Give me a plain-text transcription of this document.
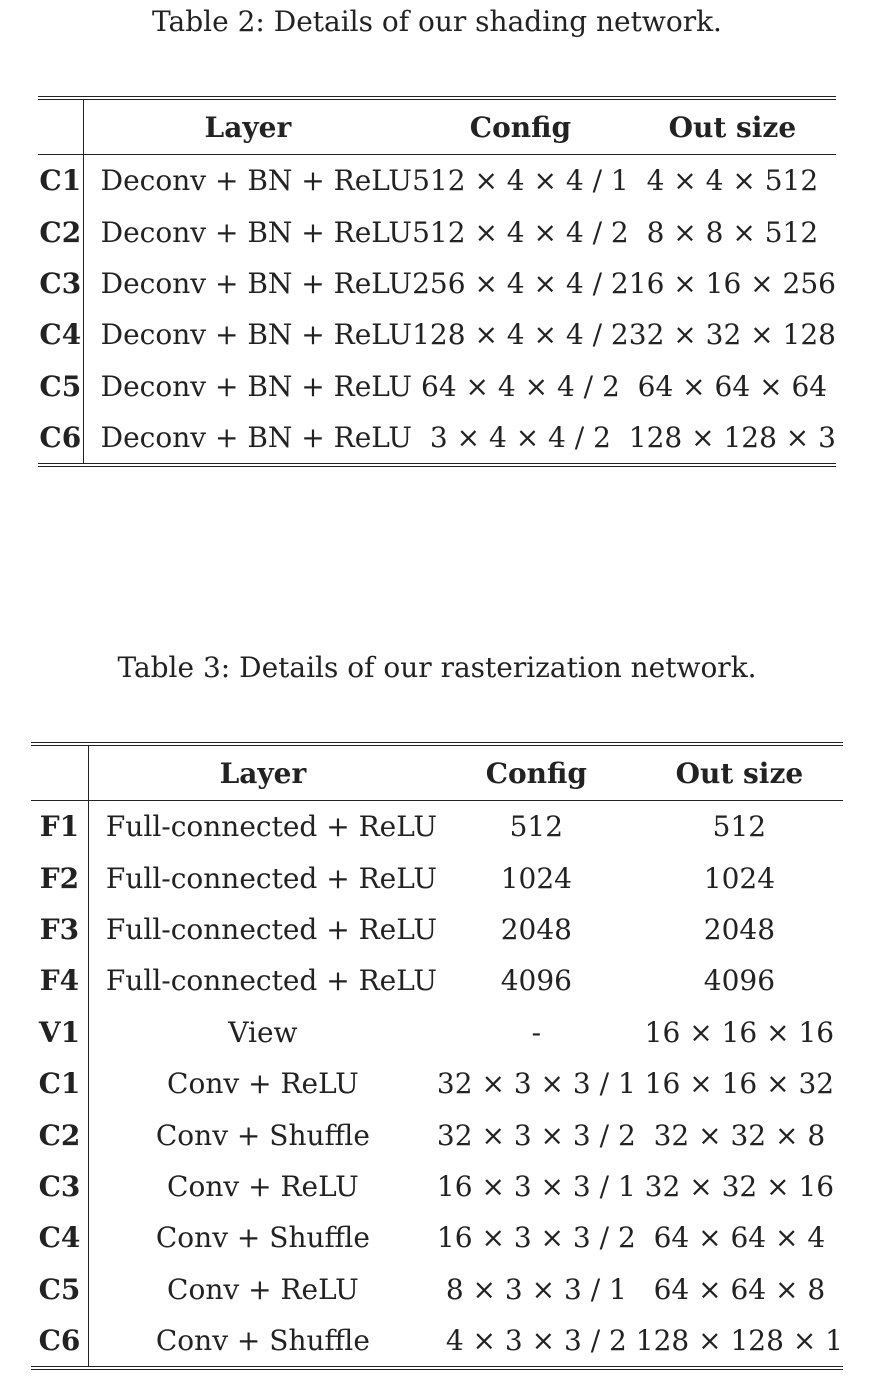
Table 2: Details of our shading network.
	Layer	Config	Out size
C1	Deconv + BN + ReLU	512 × 4 × 4 / 1	4 × 4 × 512
C2	Deconv + BN + ReLU	512 × 4 × 4 / 2	8 × 8 × 512
C3	Deconv + BN + ReLU	256 × 4 × 4 / 2	16 × 16 × 256
C4	Deconv + BN + ReLU	128 × 4 × 4 / 2	32 × 32 × 128
C5	Deconv + BN + ReLU	64 × 4 × 4 / 2	64 × 64 × 64
C6	Deconv + BN + ReLU	3 × 4 × 4 / 2	128 × 128 × 3
Table 3: Details of our rasterization network.
	Layer	Config	Out size
F1	Full-connected + ReLU	512	512
F2	Full-connected + ReLU	1024	1024
F3	Full-connected + ReLU	2048	2048
F4	Full-connected + ReLU	4096	4096
V1	View	-	16 × 16 × 16
C1	Conv + ReLU	32 × 3 × 3 / 1	16 × 16 × 32
C2	Conv + Shuffle	32 × 3 × 3 / 2	32 × 32 × 8
C3	Conv + ReLU	16 × 3 × 3 / 1	32 × 32 × 16
C4	Conv + Shuffle	16 × 3 × 3 / 2	64 × 64 × 4
C5	Conv + ReLU	8 × 3 × 3 / 1	64 × 64 × 8
C6	Conv + Shuffle	4 × 3 × 3 / 2	128 × 128 × 1
